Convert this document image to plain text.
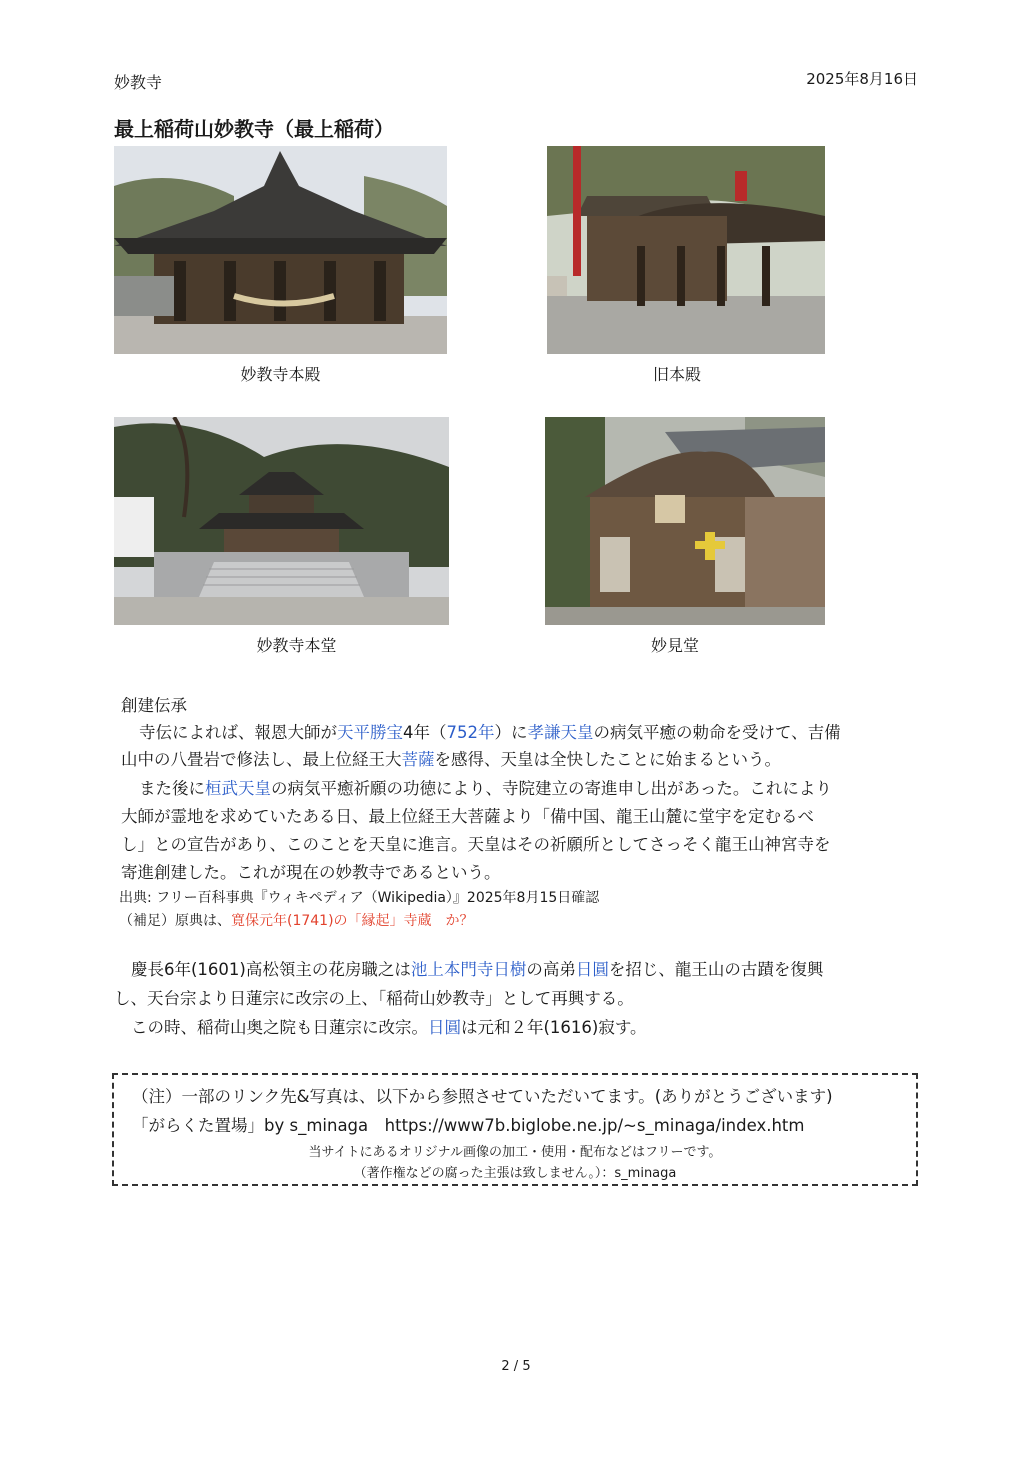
妙教寺	2025年8月16日
最上稲荷山妙教寺（最上稲荷）
妙教寺本殿	旧本殿
妙教寺本堂	妙見堂
創建伝承
寺伝によれば、報恩大師が天平勝宝4年（752年）に孝謙天皇の病気平癒の勅命を受けて、吉備
山中の八畳岩で修法し、最上位経王大菩薩を感得、天皇は全快したことに始まるという。
また後に桓武天皇の病気平癒祈願の功徳により、寺院建立の寄進申し出があった。これにより
大師が霊地を求めていたある日、最上位経王大菩薩より「備中国、龍王山麓に堂宇を定むるべ
し」との宣告があり、このことを天皇に進言。天皇はその祈願所としてさっそく龍王山神宮寺を
寄進創建した。これが現在の妙教寺であるという。
出典: フリー百科事典『ウィキペディア（Wikipedia）』2025年8月15日確認
（補足）原典は、寛保元年(1741)の「縁起」寺蔵　か？
慶長6年(1601)高松領主の花房職之は池上本門寺日樹の高弟日圓を招じ、龍王山の古蹟を復興
し、天台宗より日蓮宗に改宗の上、「稲荷山妙教寺」として再興する。
この時、稲荷山奥之院も日蓮宗に改宗。日圓は元和２年(1616)寂す。
（注）一部のリンク先&写真は、以下から参照させていただいてます。(ありがとうございます)
「がらくた置場」by s_minaga　https://www7b.biglobe.ne.jp/~s_minaga/index.htm
当サイトにあるオリジナル画像の加工・使用・配布などはフリーです。
（著作権などの腐った主張は致しません。）：s_minaga
2 / 5
